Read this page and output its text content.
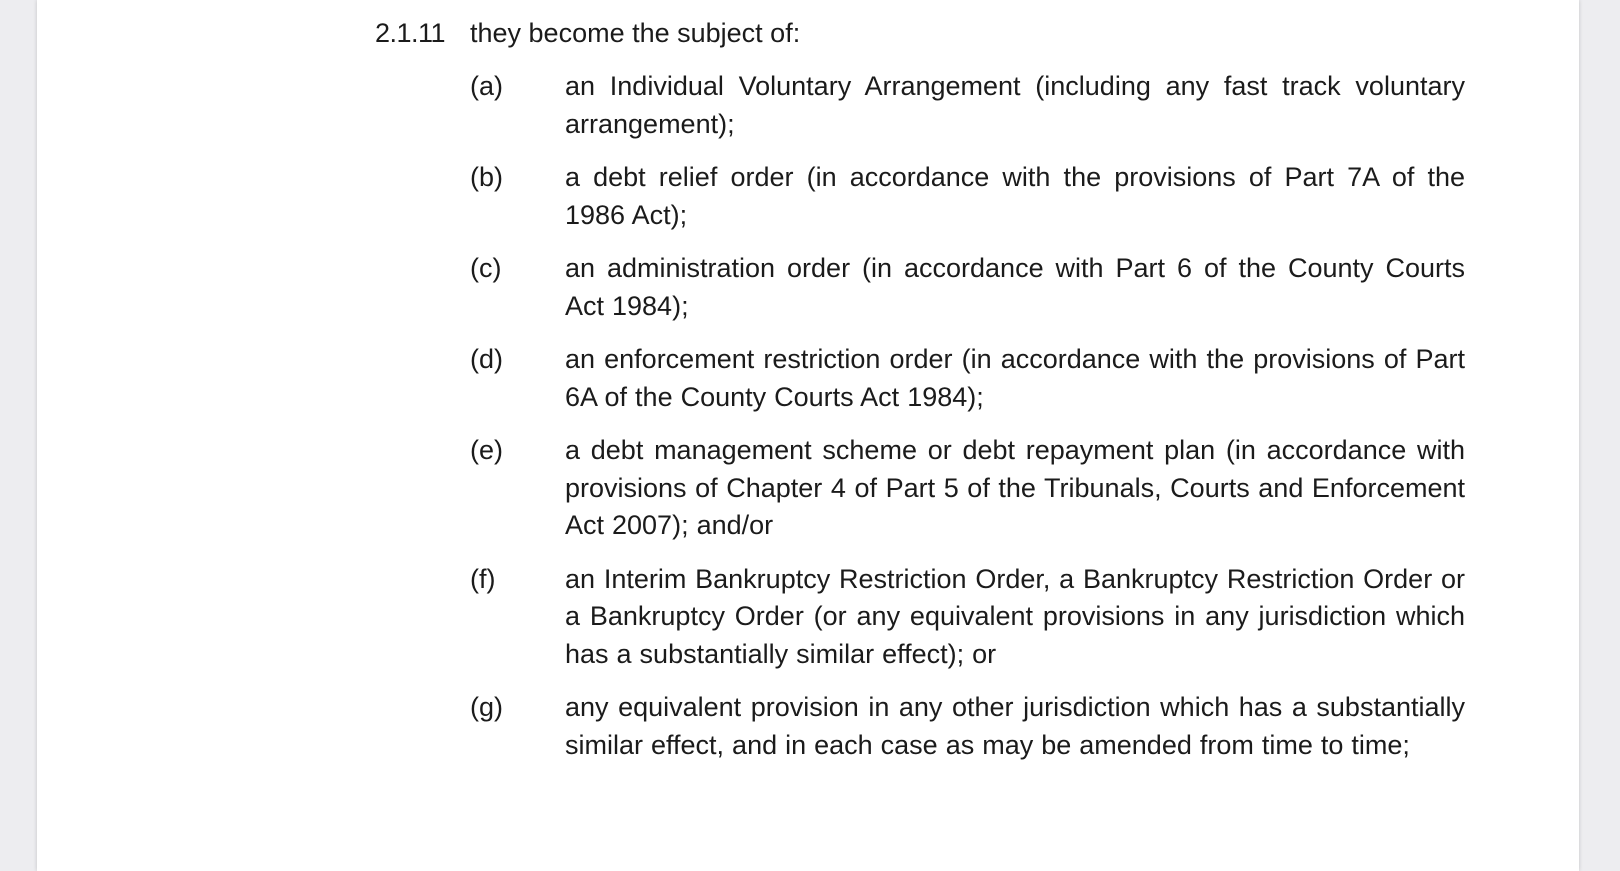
2.1.11 they become the subject of:
(a)	an Individual Voluntary Arrangement (including any fast track voluntary arrangement);
(b)	a debt relief order (in accordance with the provisions of Part 7A of the 1986 Act);
(c)	an administration order (in accordance with Part 6 of the County Courts Act 1984);
(d)	an enforcement restriction order (in accordance with the provisions of Part 6A of the County Courts Act 1984);
(e)	a debt management scheme or debt repayment plan (in accordance with provisions of Chapter 4 of Part 5 of the Tribunals, Courts and Enforcement Act 2007); and/or
(f)	an Interim Bankruptcy Restriction Order, a Bankruptcy Restriction Order or a Bankruptcy Order (or any equivalent provisions in any jurisdiction which has a substantially similar effect); or
(g)	any equivalent provision in any other jurisdiction which has a substantially similar effect, and in each case as may be amended from time to time;
